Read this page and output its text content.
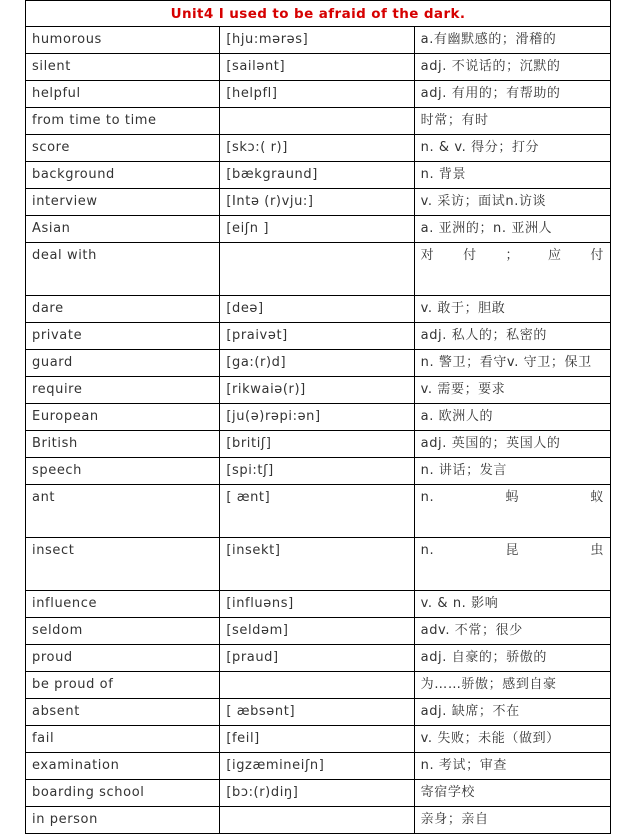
Unit4 I used to be afraid of the dark.		
humorous	[hju:mərəs]	a.有幽默感的；滑稽的
silent	[sailənt]	adj. 不说话的；沉默的
helpful	[helpfl]	adj. 有用的；有帮助的
from time to time		时常；有时
score	[skɔ:( r)]	n. & v. 得分；打分
background	[bækgraund]	n. 背景
interview	[Intə (r)vju:]	v. 采访；面试n.访谈
Asian	[eiʃn ]	a. 亚洲的；n. 亚洲人
deal with		对 付 ； 应 付

dare	[deə]	v. 敢于；胆敢
private	[praivət]	adj. 私人的；私密的
guard	[ga:(r)d]	n. 警卫；看守v. 守卫；保卫
require	[rikwaiə(r)]	v. 需要；要求
European	[ju(ə)rəpi:ən]	a. 欧洲人的
British	[britiʃ]	adj. 英国的；英国人的
speech	[spi:tʃ]	n. 讲话；发言
ant	[ ænt]	n. 蚂 蚁

insect	[insekt]	n. 昆 虫

influence	[influəns]	v. & n. 影响
seldom	[seldəm]	adv. 不常；很少
proud	[praud]	adj. 自豪的；骄傲的
be proud of		为……骄傲；感到自豪
absent	[ æbsənt]	adj. 缺席；不在
fail	[feil]	v. 失败；未能（做到）
examination	[igzæmineiʃn]	n. 考试；审查
boarding school	[bɔ:(r)diŋ]	寄宿学校
in person		亲身；亲自
